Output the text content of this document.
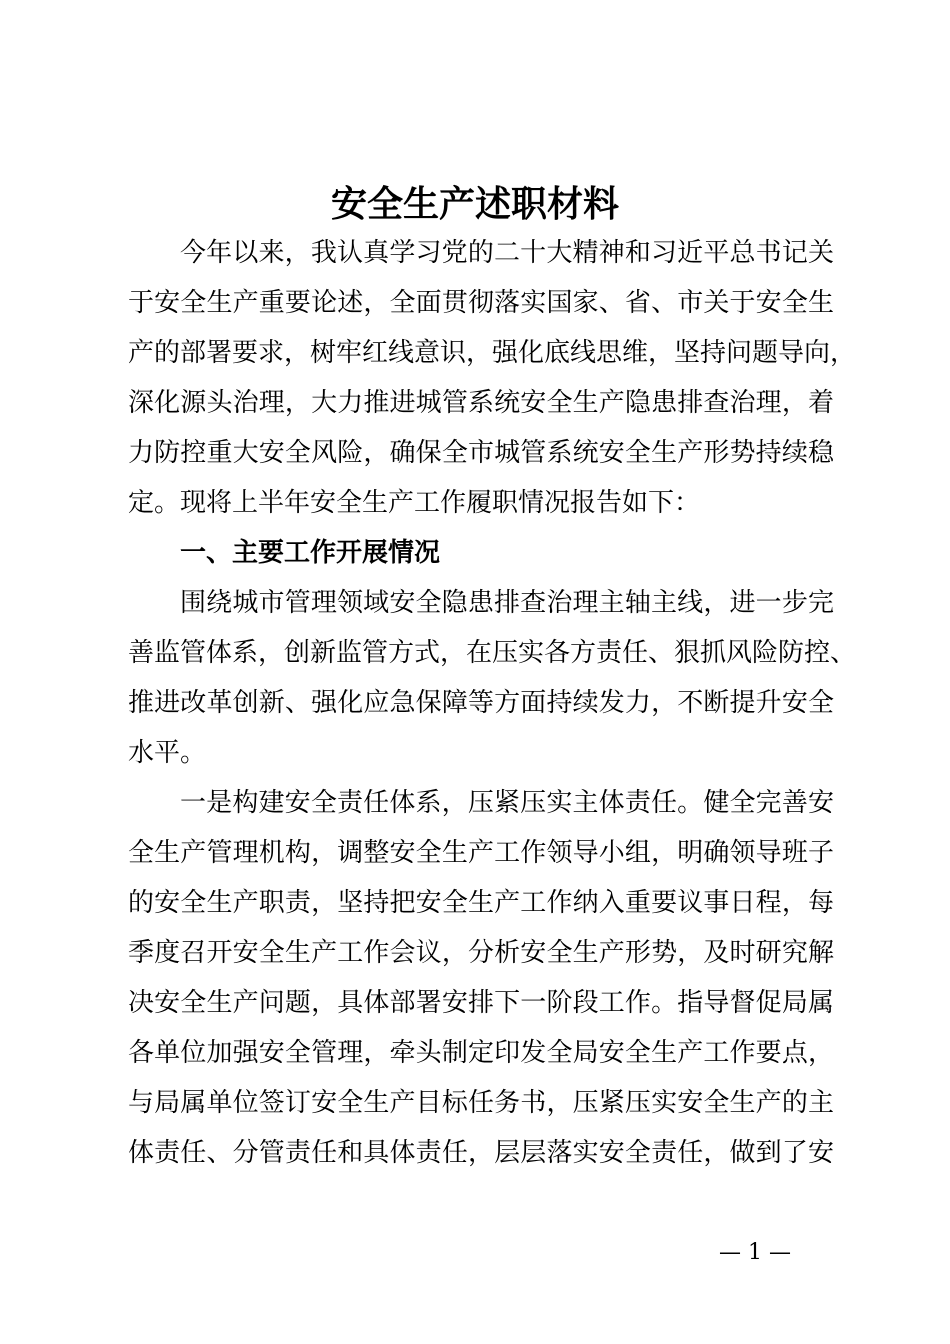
安全生产述职材料
今年以来，我认真学习党的二十大精神和习近平总书记关
于安全生产重要论述，全面贯彻落实国家、省、市关于安全生
产的部署要求，树牢红线意识，强化底线思维，坚持问题导向，
深化源头治理，大力推进城管系统安全生产隐患排查治理，着
力防控重大安全风险，确保全市城管系统安全生产形势持续稳
定。现将上半年安全生产工作履职情况报告如下：
一、主要工作开展情况
围绕城市管理领域安全隐患排查治理主轴主线，进一步完
善监管体系，创新监管方式，在压实各方责任、狠抓风险防控、
推进改革创新、强化应急保障等方面持续发力，不断提升安全
水平。
一是构建安全责任体系，压紧压实主体责任。健全完善安
全生产管理机构，调整安全生产工作领导小组，明确领导班子
的安全生产职责，坚持把安全生产工作纳入重要议事日程，每
季度召开安全生产工作会议，分析安全生产形势，及时研究解
决安全生产问题，具体部署安排下一阶段工作。指导督促局属
各单位加强安全管理，牵头制定印发全局安全生产工作要点，
与局属单位签订安全生产目标任务书，压紧压实安全生产的主
体责任、分管责任和具体责任，层层落实安全责任，做到了安
— 1 —
